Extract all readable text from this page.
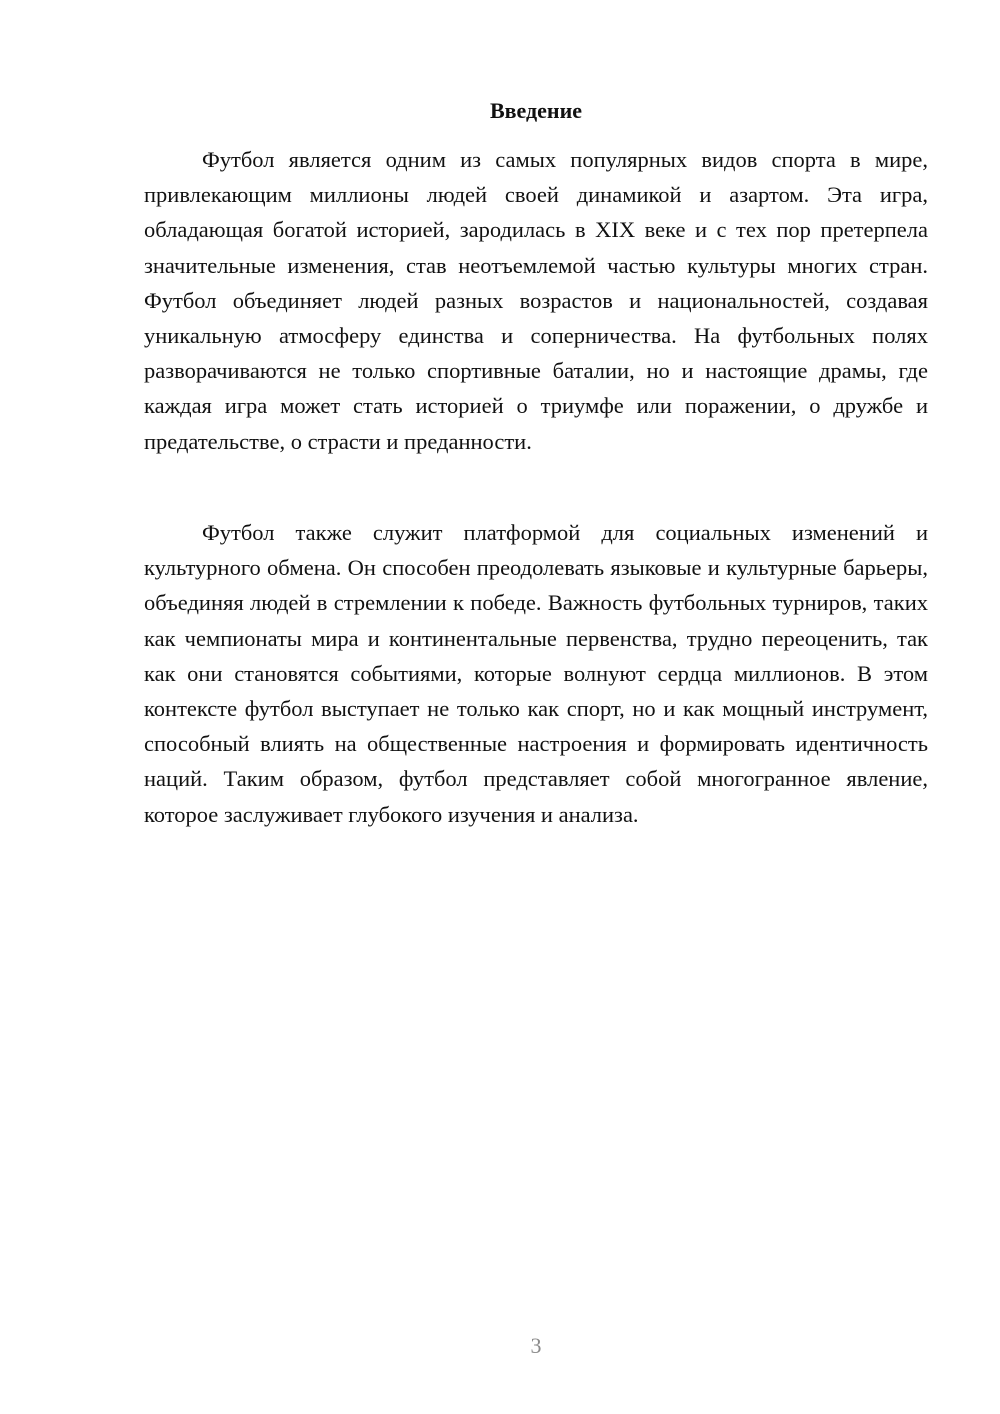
Введение

Футбол является одним из самых популярных видов спорта в мире, привлекающим миллионы людей своей динамикой и азартом. Эта игра, обладающая богатой историей, зародилась в XIX веке и с тех пор претерпела значительные изменения, став неотъемлемой частью культуры многих стран. Футбол объединяет людей разных возрастов и национальностей, создавая уникальную атмосферу единства и соперничества. На футбольных полях разворачиваются не только спортивные баталии, но и настоящие драмы, где каждая игра может стать историей о триумфе или поражении, о дружбе и предательстве, о страсти и преданности.

Футбол также служит платформой для социальных изменений и культурного обмена. Он способен преодолевать языковые и культурные барьеры, объединяя людей в стремлении к победе. Важность футбольных турниров, таких как чемпионаты мира и континентальные первенства, трудно переоценить, так как они становятся событиями, которые волнуют сердца миллионов. В этом контексте футбол выступает не только как спорт, но и как мощный инструмент, способный влиять на общественные настроения и формировать идентичность наций. Таким образом, футбол представляет собой многогранное явление, которое заслуживает глубокого изучения и анализа.

3
